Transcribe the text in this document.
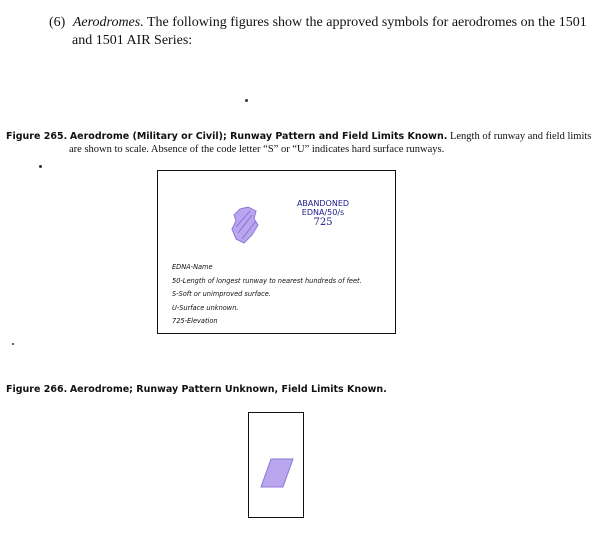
(6) Aerodromes. The following figures show the approved symbols for aerodromes on the 1501
and 1501 AIR Series:
Figure 265. Aerodrome (Military or Civil); Runway Pattern and Field Limits Known. Length of runway and field limits
are shown to scale. Absence of the code letter “S” or “U” indicates hard surface runways.
ABANDONED
EDNA/50/s
725
EDNA-Name
50-Length of longest runway to nearest hundreds of feet.
S-Soft or unimproved surface.
U-Surface unknown.
725-Elevation
Figure 266. Aerodrome; Runway Pattern Unknown, Field Limits Known.
